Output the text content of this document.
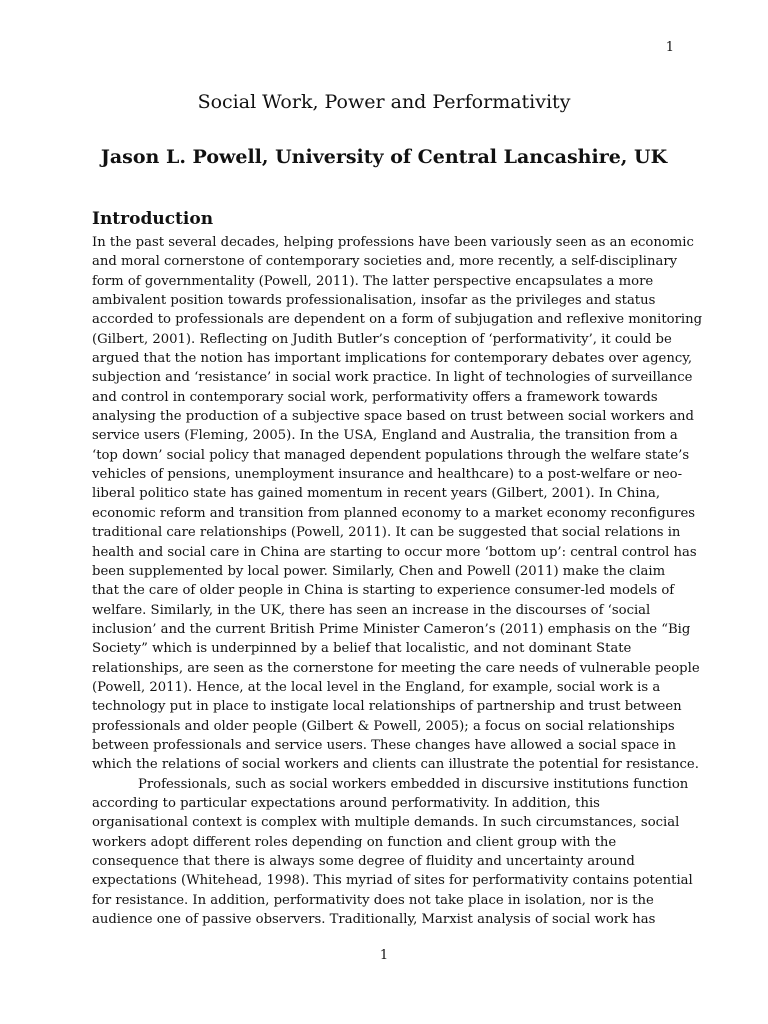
1
Social Work, Power and Performativity
Jason L. Powell, University of Central Lancashire, UK
Introduction
In the past several decades, helping professions have been variously seen as an economic
and moral cornerstone of contemporary societies and, more recently, a self-disciplinary
form of governmentality (Powell, 2011). The latter perspective encapsulates a more
ambivalent position towards professionalisation, insofar as the privileges and status
accorded to professionals are dependent on a form of subjugation and reflexive monitoring
(Gilbert, 2001). Reflecting on Judith Butler’s conception of ‘performativity’, it could be
argued that the notion has important implications for contemporary debates over agency,
subjection and ‘resistance’ in social work practice. In light of technologies of surveillance
and control in contemporary social work, performativity offers a framework towards
analysing the production of a subjective space based on trust between social workers and
service users (Fleming, 2005). In the USA, England and Australia, the transition from a
‘top down’ social policy that managed dependent populations through the welfare state’s
vehicles of pensions, unemployment insurance and healthcare) to a post-welfare or neo-
liberal politico state has gained momentum in recent years (Gilbert, 2001). In China,
economic reform and transition from planned economy to a market economy reconfigures
traditional care relationships (Powell, 2011). It can be suggested that social relations in
health and social care in China are starting to occur more ‘bottom up’: central control has
been supplemented by local power. Similarly, Chen and Powell (2011) make the claim
that the care of older people in China is starting to experience consumer-led models of
welfare. Similarly, in the UK, there has seen an increase in the discourses of ‘social
inclusion’ and the current British Prime Minister Cameron’s (2011) emphasis on the “Big
Society” which is underpinned by a belief that localistic, and not dominant State
relationships, are seen as the cornerstone for meeting the care needs of vulnerable people
(Powell, 2011). Hence, at the local level in the England, for example, social work is a
technology put in place to instigate local relationships of partnership and trust between
professionals and older people (Gilbert & Powell, 2005); a focus on social relationships
between professionals and service users. These changes have allowed a social space in
which the relations of social workers and clients can illustrate the potential for resistance.
Professionals, such as social workers embedded in discursive institutions function
according to particular expectations around performativity. In addition, this
organisational context is complex with multiple demands. In such circumstances, social
workers adopt different roles depending on function and client group with the
consequence that there is always some degree of fluidity and uncertainty around
expectations (Whitehead, 1998). This myriad of sites for performativity contains potential
for resistance. In addition, performativity does not take place in isolation, nor is the
audience one of passive observers. Traditionally, Marxist analysis of social work has
1
